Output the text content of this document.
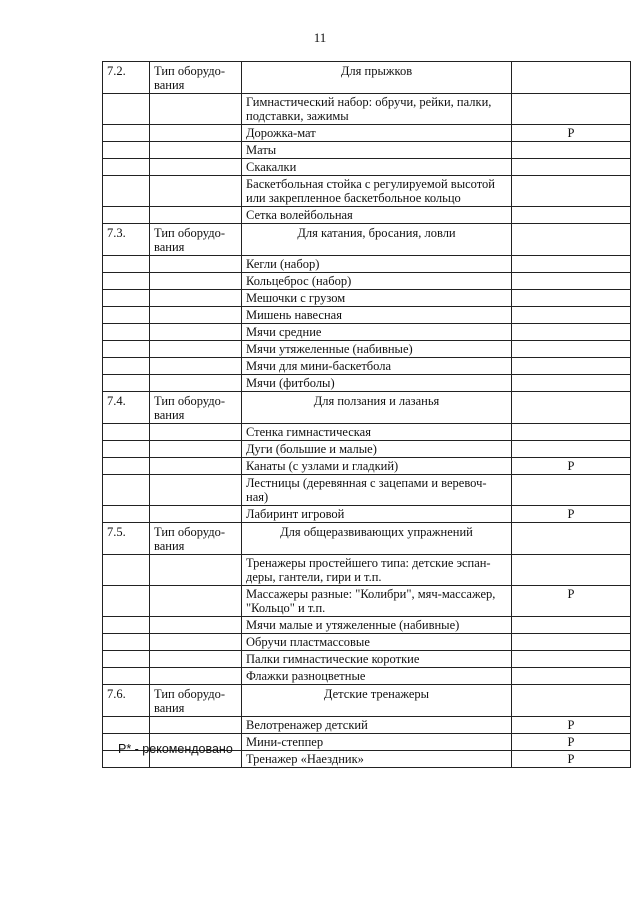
11
7.2.	Тип оборудо-вания	Для прыжков	
		Гимнастический набор: обручи, рейки, палки, подставки, зажимы	
		Дорожка-мат	Р
		Маты	
		Скакалки	
		Баскетбольная стойка с регулируемой высотой или закрепленное баскетбольное кольцо	
		Сетка волейбольная	
7.3.	Тип оборудо-вания	Для катания, бросания, ловли	
		Кегли (набор)	
		Кольцеброс (набор)	
		Мешочки с грузом	
		Мишень навесная	
		Мячи средние	
		Мячи утяжеленные (набивные)	
		Мячи для мини-баскетбола	
		Мячи (фитболы)	
7.4.	Тип оборудо-вания	Для ползания и лазанья	
		Стенка гимнастическая	
		Дуги (большие и малые)	
		Канаты (с узлами и гладкий)	Р
		Лестницы (деревянная с зацепами и веревоч-ная)	
		Лабиринт игровой	Р
7.5.	Тип оборудо-вания	Для общеразвивающих упражнений	
		Тренажеры простейшего типа: детские эспан-деры, гантели, гири и т.п.	
		Массажеры разные: "Колибри", мяч-массажер, "Кольцо" и т.п.	Р
		Мячи малые и утяжеленные (набивные)	
		Обручи пластмассовые	
		Палки гимнастические короткие	
		Флажки разноцветные	
7.6.	Тип оборудо-вания	Детские тренажеры	
		Велотренажер детский	Р
		Мини-степпер	Р
		Тренажер «Наездник»	Р
Р* - рекомендовано
